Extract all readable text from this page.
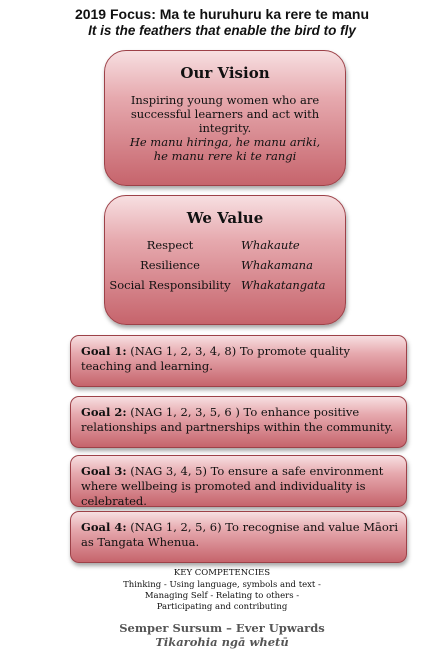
2019 Focus: Ma te huruhuru ka rere te manu
It is the feathers that enable the bird to fly
Our Vision
Inspiring young women who are successful learners and act with integrity.
He manu hiringa, he manu ariki,
he manu rere ki te rangi
We Value
Respect	Whakaute
Resilience	Whakamana
Social Responsibility	Whakatangata
Goal 1: (NAG 1, 2, 3, 4, 8) To promote quality teaching and learning.
Goal 2: (NAG 1, 2, 3, 5, 6 ) To enhance positive relationships and partnerships within the community.
Goal 3: (NAG 3, 4, 5) To ensure a safe environment where wellbeing is promoted and individuality is celebrated.
Goal 4: (NAG 1, 2, 5, 6) To recognise and value Māori as Tangata Whenua.
KEY COMPETENCIES
Thinking - Using language, symbols and text -
Managing Self - Relating to others -
Participating and contributing
Semper Sursum – Ever Upwards
Tikarohia ngā whetū
